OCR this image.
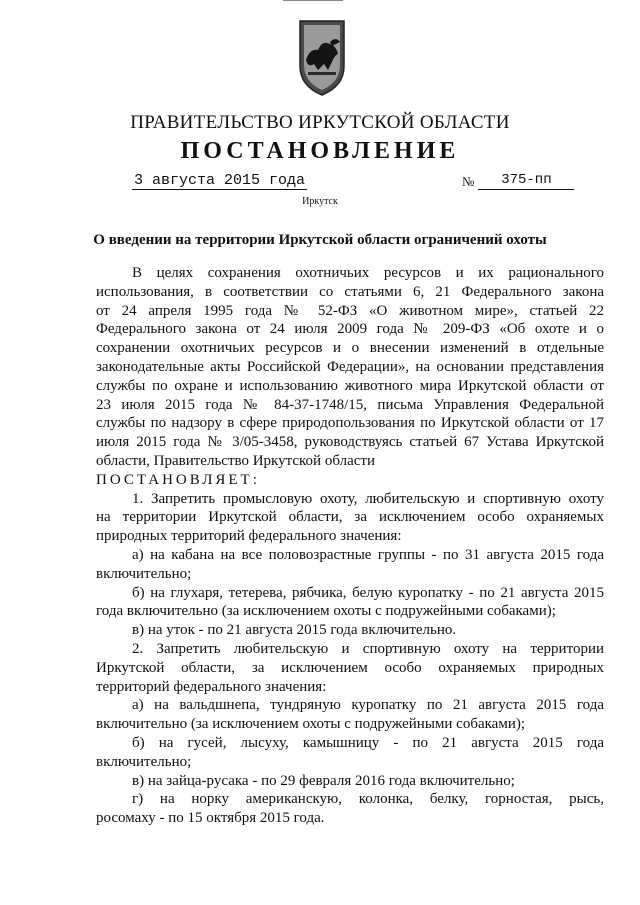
ПРАВИТЕЛЬСТВО ИРКУТСКОЙ ОБЛАСТИ
ПОСТАНОВЛЕНИЕ
3 августа 2015 года	№	375-пп
Иркутск
О введении на территории Иркутской области ограничений охоты

В целях сохранения охотничьих ресурсов и их рационального

использования, в соответствии со статьями 6, 21 Федерального закона

от 24 апреля 1995 года № 52-ФЗ «О животном мире», статьей 22

Федерального закона от 24 июля 2009 года № 209-ФЗ «Об охоте и о

сохранении охотничьих ресурсов и о внесении изменений в отдельные

законодательные акты Российской Федерации», на основании представления

службы по охране и использованию животного мира Иркутской области от

23 июля 2015 года № 84-37-1748/15, письма Управления Федеральной

службы по надзору в сфере природопользования по Иркутской области от 17

июля 2015 года № 3/05-3458, руководствуясь статьей 67 Устава Иркутской

области, Правительство Иркутской области

ПОСТАНОВЛЯЕТ:

1. Запретить промысловую охоту, любительскую и спортивную охоту

на территории Иркутской области, за исключением особо охраняемых

природных территорий федерального значения:

а) на кабана на все половозрастные группы - по 31 августа 2015 года

включительно;

б) на глухаря, тетерева, рябчика, белую куропатку - по 21 августа 2015

года включительно (за исключением охоты с подружейными собаками);

в) на уток - по 21 августа 2015 года включительно.

2. Запретить любительскую и спортивную охоту на территории

Иркутской области, за исключением особо охраняемых природных

территорий федерального значения:

а) на вальдшнепа, тундряную куропатку по 21 августа 2015 года

включительно (за исключением охоты с подружейными собаками);

б) на гусей, лысуху, камышницу - по 21 августа 2015 года

включительно;

в) на зайца-русака - по 29 февраля 2016 года включительно;

г) на норку американскую, колонка, белку, горностая, рысь,

росомаху - по 15 октября 2015 года.
